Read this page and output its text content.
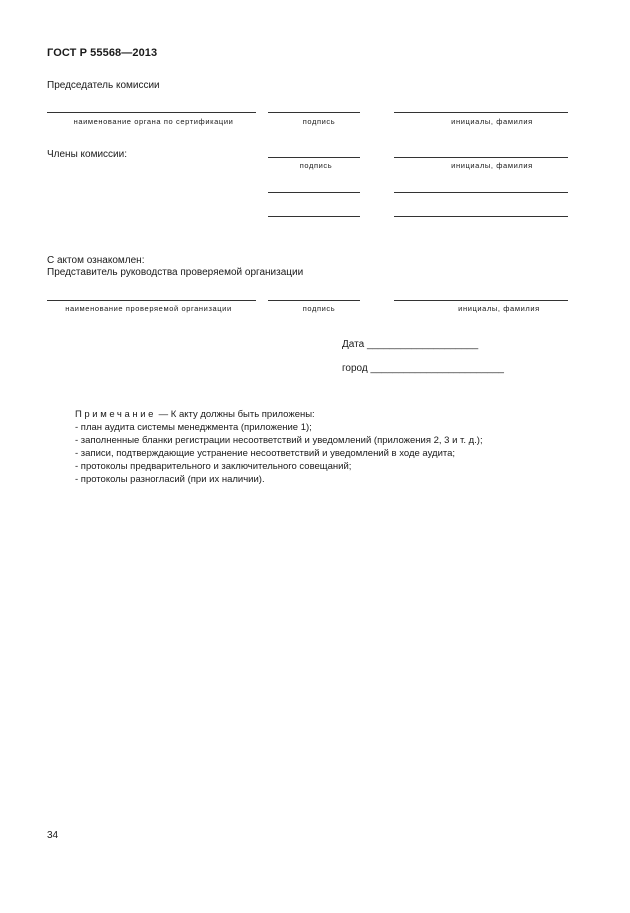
ГОСТ Р 55568—2013
Председатель комиссии
наименование органа по сертификации	подпись	инициалы, фамилия
Члены комиссии:
подпись	инициалы, фамилия
С актом ознакомлен:
Представитель руководства проверяемой организации
наименование проверяемой организации	подпись	инициалы, фамилия
Дата ____________________
город ________________________
Примечание — К акту должны быть приложены:
- план аудита системы менеджмента (приложение 1);
- заполненные бланки регистрации несоответствий и уведомлений (приложения 2, 3 и т. д.);
- записи, подтверждающие устранение несоответствий и уведомлений в ходе аудита;
- протоколы предварительного и заключительного совещаний;
- протоколы разногласий (при их наличии).
34
